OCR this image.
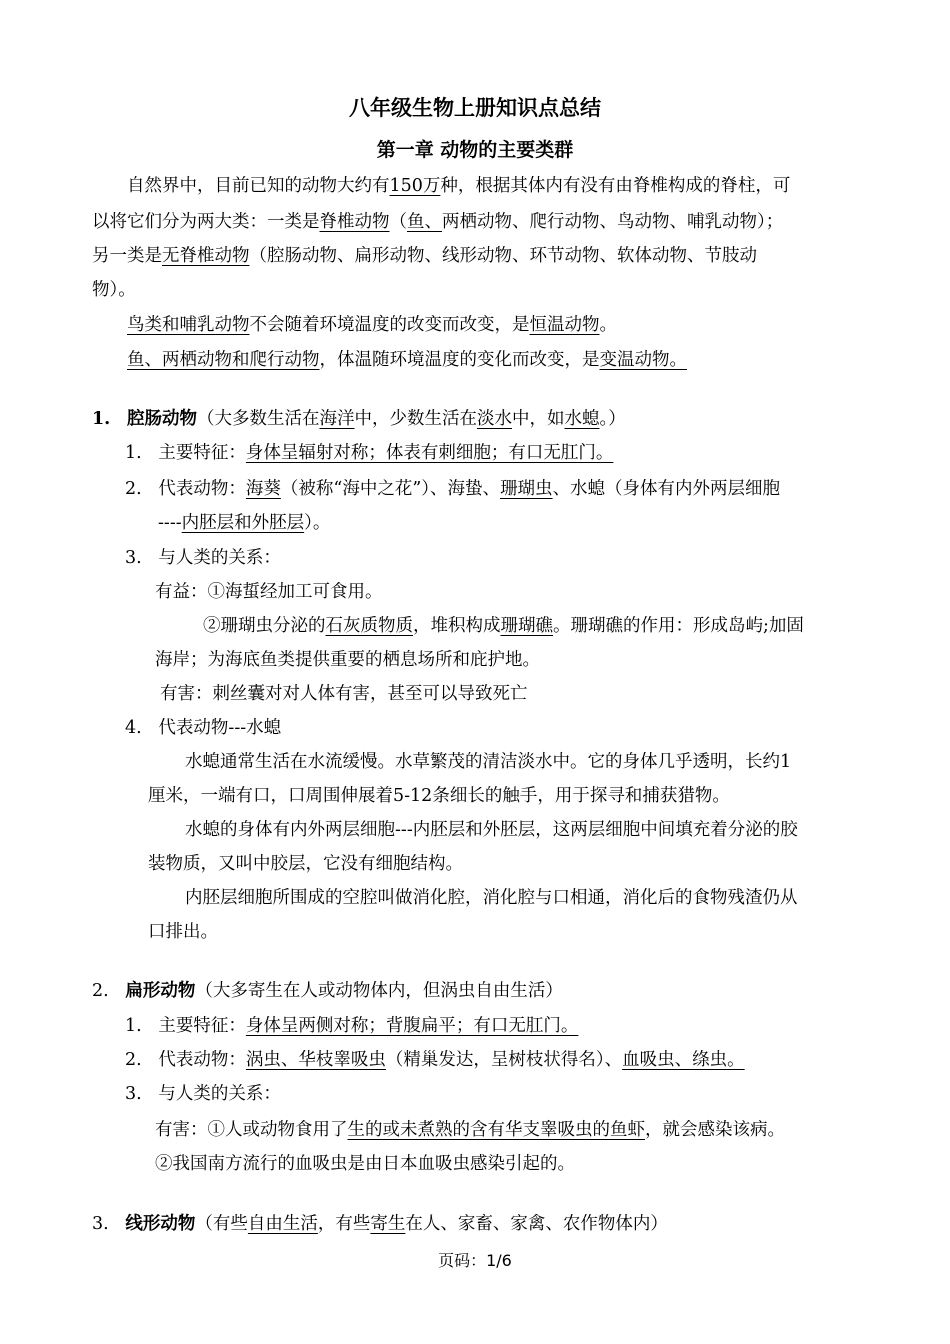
八年级生物上册知识点总结
第一章 动物的主要类群
自然界中，目前已知的动物大约有150万种，根据其体内有没有由脊椎构成的脊柱，可
以将它们分为两大类：一类是脊椎动物（鱼、两栖动物、爬行动物、鸟动物、哺乳动物）；
另一类是无脊椎动物（腔肠动物、扁形动物、线形动物、环节动物、软体动物、节肢动
物）。
鸟类和哺乳动物不会随着环境温度的改变而改变，是恒温动物。
鱼、两栖动物和爬行动物，体温随环境温度的变化而改变，是变温动物。
1. 腔肠动物（大多数生活在海洋中，少数生活在淡水中，如水螅。）
1. 主要特征：身体呈辐射对称；体表有刺细胞；有口无肛门。
2. 代表动物：海葵（被称“海中之花”）、海蛰、珊瑚虫、水螅（身体有内外两层细胞
----内胚层和外胚层）。
3. 与人类的关系：
有益：①海蜇经加工可食用。
②珊瑚虫分泌的石灰质物质，堆积构成珊瑚礁。珊瑚礁的作用：形成岛屿;加固
海岸；为海底鱼类提供重要的栖息场所和庇护地。
有害：刺丝囊对对人体有害，甚至可以导致死亡
4. 代表动物---水螅
水螅通常生活在水流缓慢。水草繁茂的清洁淡水中。它的身体几乎透明，长约1
厘米，一端有口，口周围伸展着5-12条细长的触手，用于探寻和捕获猎物。
水螅的身体有内外两层细胞---内胚层和外胚层，这两层细胞中间填充着分泌的胶
装物质，又叫中胶层，它没有细胞结构。
内胚层细胞所围成的空腔叫做消化腔，消化腔与口相通，消化后的食物残渣仍从
口排出。
2. 扁形动物（大多寄生在人或动物体内，但涡虫自由生活）
1. 主要特征：身体呈两侧对称；背腹扁平；有口无肛门。
2. 代表动物：涡虫、华枝睾吸虫（精巢发达，呈树枝状得名）、血吸虫、绦虫。
3. 与人类的关系：
有害：①人或动物食用了生的或未煮熟的含有华支睾吸虫的鱼虾，就会感染该病。
②我国南方流行的血吸虫是由日本血吸虫感染引起的。
3. 线形动物（有些自由生活，有些寄生在人、家畜、家禽、农作物体内）
页码：1/6
